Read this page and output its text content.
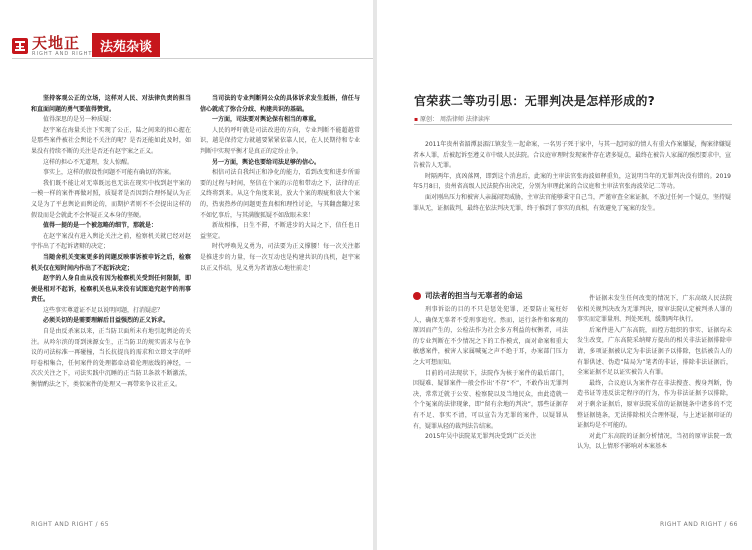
天地正
RIGHT AND RIGHT 法苑杂谈

坚持客观公正的立场，这样对人民、对法律负责的担当和直面问题的勇气要值得赞赏。

值得深思的是另一种质疑：

赵宇案在海量关注下实现了公正，陆之间来的担心握在是那些案件被社会舆论不关注的呢？是否还能如此及时，如果没有持续不断的关注是否还有赵宇案之正义。

这样的担心不无道理，发人惊醒。

事实上，这样的假设性问题不可能有确切的答案。

我们既不能让对无辜既远也无法在现实中找到赵宇案的一模一样的案件再做对照，质疑者是否因到合理怀疑认为正义是为了平息舆论而舆论的，而期护者则不不会提出这样的假设而是会就此不会怀疑正义本身的坚硬。

值得一提的是一个被忽略的细节，那就是：

在赵宇案没有进入舆论关注之前，检察机关就已经对赵宇作出了不起诉诸辩的决定；

当随舍机关变案更多的问题反映事诉被申诉之后，检察机关仅在短时间内作出了不起诉决定；

赵宇的人身自由从没有因为检察机关受到任何限制，即便是相对不起诉，检察机关也从来没有试图追究赵宇的刑事责任。

这些事实尊道证不足以说明问题，打消疑虑？

必须关切的是需要理解后目益强烈的正义诉求。

自是由反杀案以来，正当防卫面所未有地引起舆论的关注。从吟尔滨的哥到涞源女生，正当防卫的规实需求与在争议的司法标准一再碰撞，当长抗提良的需求和立即文字的呼吁卷相集合，任何案件的处理都牵动着伦理底线的神经，一次次关注之下，司法实践中沉睡的正当防卫条款不断激活，衡情酌法之下，类似案件的处理又一再带来争议社正义。

当司法的专业判断同公众的具体诉求发生抵捂，信任与信心就成了弥合分歧、构建共识的基础。

一方面，司法要对舆论保有相当的尊重。

人民的呼吁就是司法改进的方向，专业判断不能超越常识，越是保持定力就越要紧紧依靠人民，在人民期待和专业判断中实现平衡才是真正的定纷止争。

另一方面，舆论也要给司法足够的信心。

相信司法自我纠正和净化的能力，看到改变和进步所需要的过程与时间，坚信在个案的示范和带动之下，法律的正义终将到来。从这个角度来说，放大个案的瑕疵和放大个案的，热衷热炒的问题更查真相和理性讨论，与其翻盘翻过来不如忆事后，与其满腹狐疑不如敌眼未来！

新故相推，日生不滞，不断进步的大局之下，信任也日益坚定。

时代呼唤见义勇为，司法要为正义撑腰！每一次关注都是推进步的力量，每一次互动也是构建共识的良机，赵宇案以正义作结，见义勇为者请放心地往前走！

RIGHT AND RIGHT / 65
官荣获二等功引思：无罪判决是怎样形成的?
▪ 原创： 周浩律师 法律读库

2011年贵州省湄潭县湄江镇发生一起命案，一名男子死于家中，与其一起同家的情人有重大作案嫌疑，掏案律嫌疑者本人罪，后被起诉至遵义市中级人民法院。合议庭审理时发现案件存在诸多疑点，最终在被告人家属的强烈要求中，宣告被告人无罪。

时隔两年，真凶落网，即到这个消息后，此案的主审法官张海波如释重负，这说明当年的无罪判决没有错的。2019年5月8日，贵州省高级人民法院作出决定，分别为审理此案的合议庭和主审法官张海波荣记二等功。

面对刚出压力和被害人亲属闹哭威胁，主审法官能够秉守自己当，严谨审查全案证据，不放过任何一个疑点，坚持疑罪从无，证据裁判，最终在依法判决无罪，终于推到了事实的真相，有效避免了冤案的发生。

司法者的担当与无辜者的命运

刑事诉讼的目的不只是惩处犯罪，还要防止冤枉好人，确保无辜者不受刑事追究。然而，运行条件和客观的原因而产生的，公检法作为社会多方利益的权衡者，司法的专业判断在不少情况之下的工作模式，面对命案和重大敏感案件，被害人家属喊冤之声不绝于耳，办案部门压力之大可想而知。

目前的司法现状下，法院作为核于案件的最后部门，因疑难、疑罪案件一般会作出‘不存“不”，不敢作出无罪判决，常常迁就于公安、检察院以及当地民众，由此造就一个个冤案的法律现象，即“留有余地的判决”，那些证据存有不足、事实不清，可以宣告为无罪的案件，以疑罪从有，疑罪从轻的裁判法告结案。

2015年吴中法院某无罪判决受到广泛关注

件证据未发生任何改变的情况下，广东高级人民法院依相关规判决改为无罪判决，原审法院认定被判杀人罪的事实而定罪量刑、判处死刑，缓期两年执行。

后案件进入广东高院，而控方组织的事实、证据均未发生改变，广东高院采纳辩方提出的相关非法证据排除申请，多项证据被认定为非法证据予以排除，包括被告人的有罪供述、伪造“陆局为”笔者的非证，排除非法证据后，全案证据不足以证实被告人有罪。

最终，合议庭认为案件存在非法搜查、搜身判断，伪造书证等违反法定程序的行为，作为非法证据予以排除，对于剩余证据后，原审法院采信的证据链条中诸多的不完整证据链条，无法排除相关合理怀疑，与上述证据印证的证据均是不可能的。

对此广东高院的证据分析情况，当初的原审法院一致认为，以上情形不影响对本案基本

RIGHT AND RIGHT / 66
